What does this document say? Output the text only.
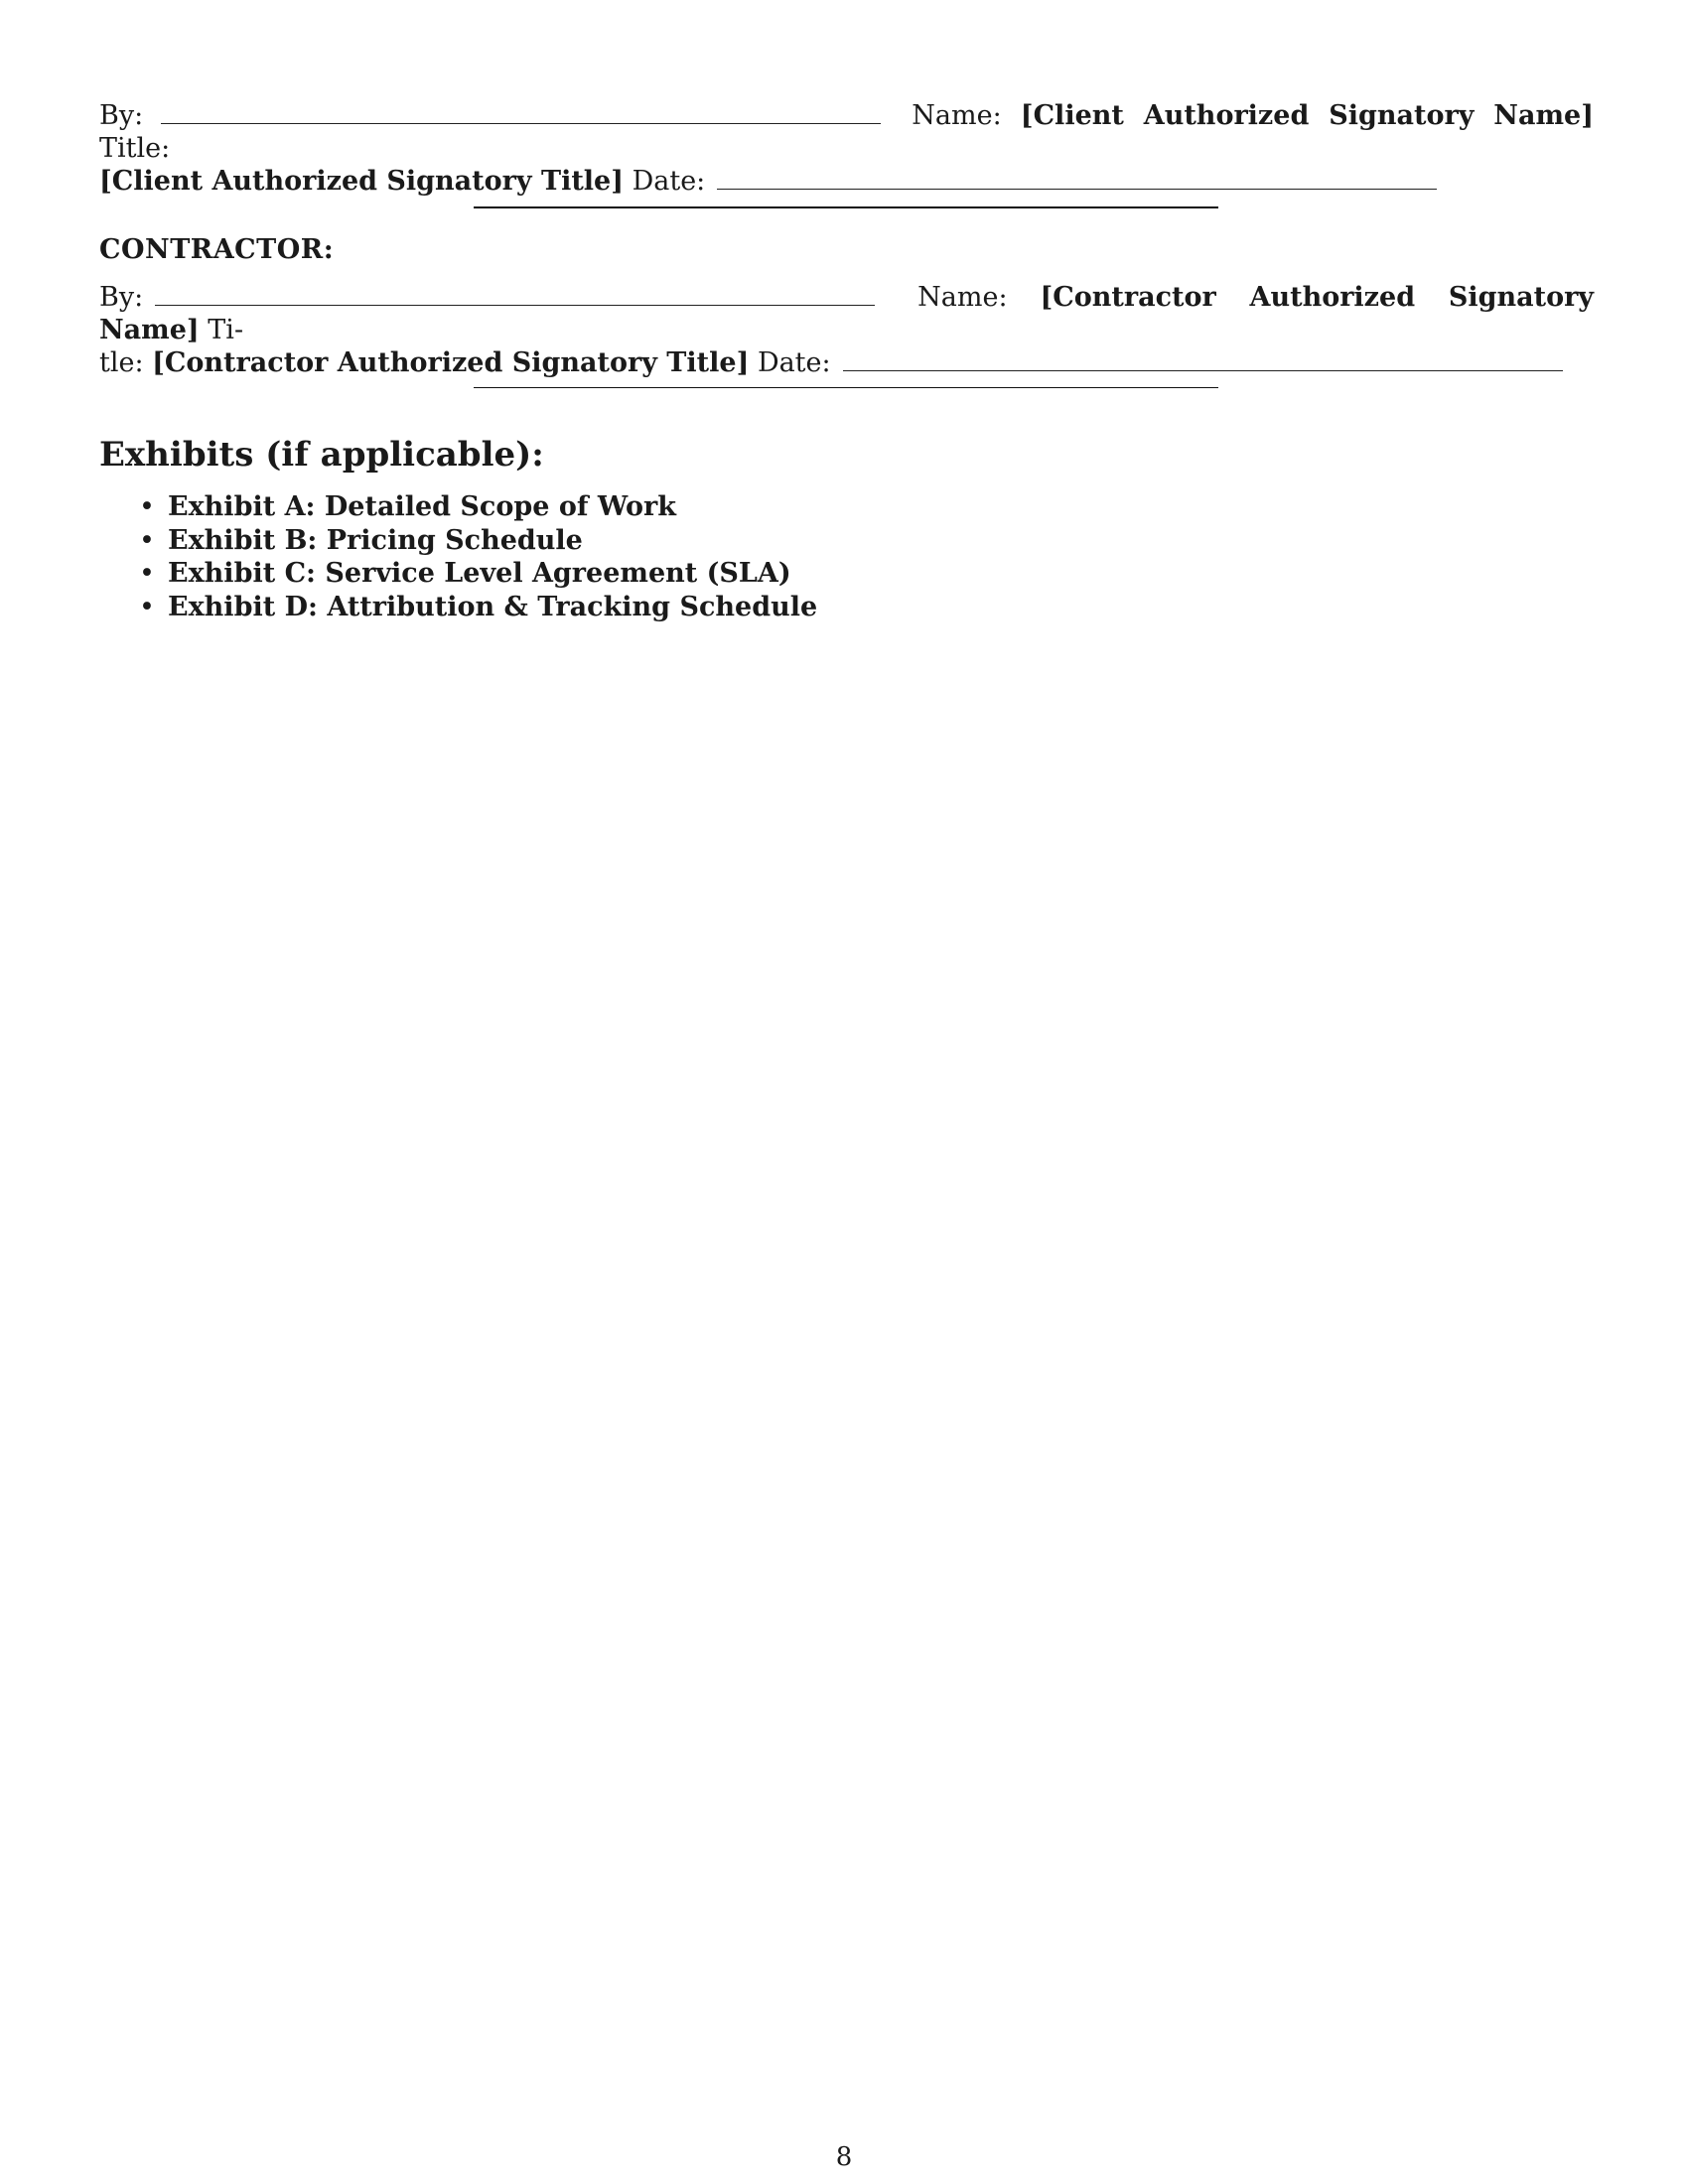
By:	Name: [Client Authorized Signatory Name] Title:
[Client Authorized Signatory Title] Date:
CONTRACTOR:
By:	Name: [Contractor Authorized Signatory Name] Ti-
tle: [Contractor Authorized Signatory Title] Date:
Exhibits (if applicable):
• Exhibit A: Detailed Scope of Work
• Exhibit B: Pricing Schedule
• Exhibit C: Service Level Agreement (SLA)
• Exhibit D: Attribution & Tracking Schedule
8
